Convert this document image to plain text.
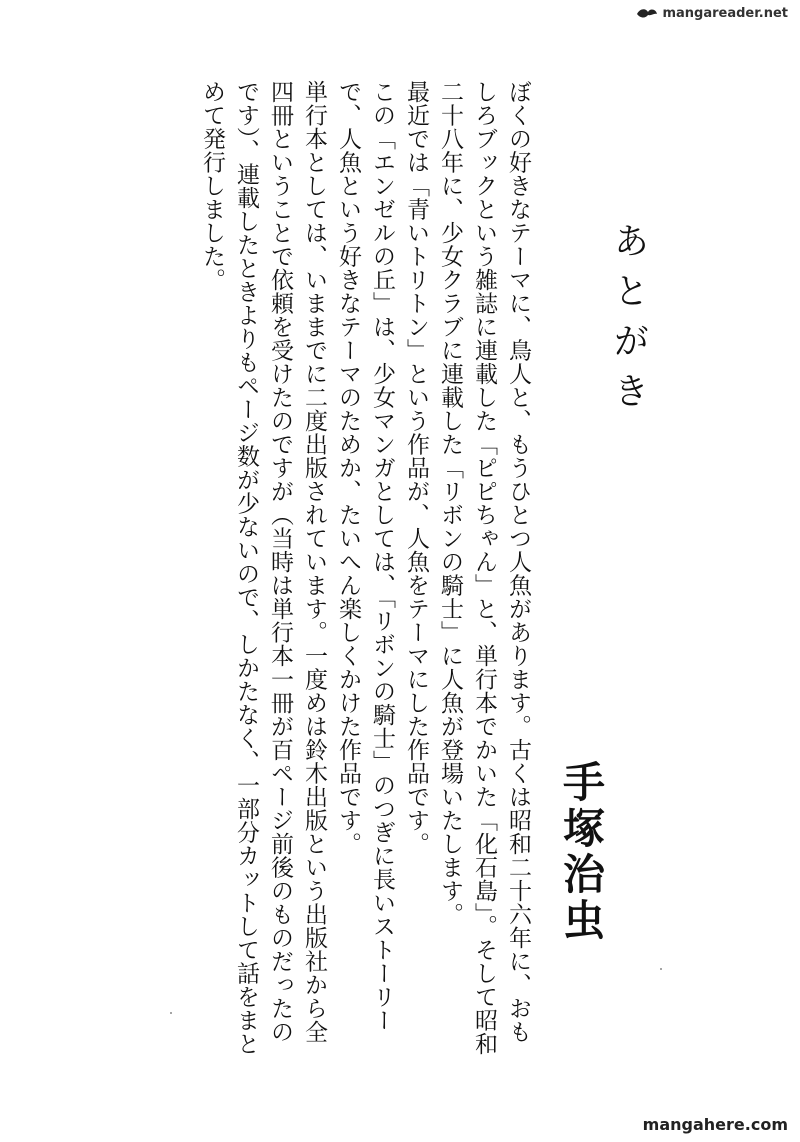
mangareader.net
あとがき
手塚治虫

ぼくの好きなテーマに、鳥人と、もうひとつ人魚があります。古くは昭和二十六年に、おもしろブックという雑誌に連載した「ピピちゃん」と、単行本でかいた「化石島」。そして昭和二十八年に、少女クラブに連載した「リボンの騎士」に人魚が登場いたします。

最近では「青いトリトン」という作品が、人魚をテーマにした作品です。

この「エンゼルの丘」は、少女マンガとしては、「リボンの騎士」のつぎに長いストーリーで、人魚という好きなテーマのためか、たいへん楽しくかけた作品です。

単行本としては、いままでに二度出版されています。一度めは鈴木出版という出版社から全四冊ということで依頼を受けたのですが（当時は単行本一冊が百ページ前後のものだったのです）、連載したときよりもページ数が少ないので、しかたなく、一部分カットして話をまとめて発行しました。

mangahere.com
